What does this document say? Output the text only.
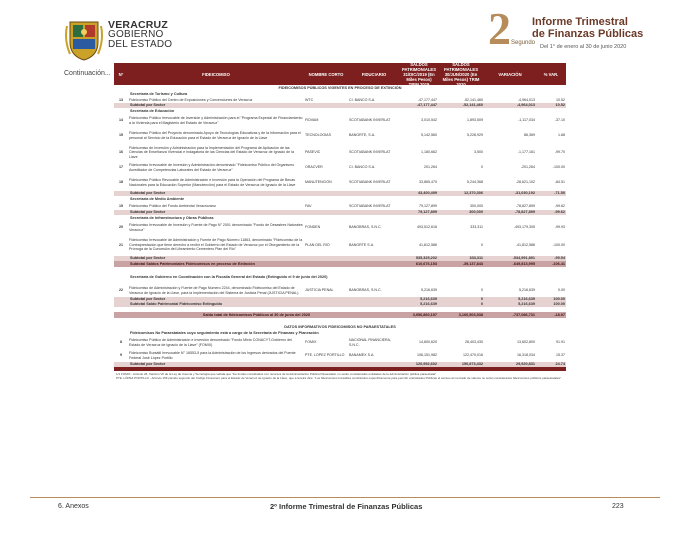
VERACRUZ
GOBIERNO
DEL ESTADO	2 Segundo
Informe Trimestral
de Finanzas Públicas
Del 1° de enero al 30 de junio 2020
Continuación...	N°	FIDEICOMISO	NOMBRE CORTO	FIDUCIARIO
SALDOS PATRIMONIALES 31/DIC/2019 (En Miles Pesos) TRIM 2019
SALDOS PATRIMONIALES 30/JUN/2020 (En Miles Pesos) TRIM 2020
VARIACIÓN	% VAR.
FIDEICOMISOS PÚBLICOS VIGENTES EN PROCESO DE EXTINCIÓN
Secretaría de Turismo y Cultura
13	Fideicomiso Público del Centro de Exposiciones y Convenciones de Veracruz	WTC	CI. BANCO S.A.	-47,177,447	-52,141,460	-4,964,013	10.52
Subtotal por Sector	-47,177,447	-52,141,460	-4,964,013	10.52
Secretaría de Educación
14
Fideicomiso Público Irrevocable de Inversión y Administración para el "Programa Especial de Financiamiento a la Vivienda para el Magisterio del Estado de Veracruz"
FIDVAM	SCOTIABANK INVERLAT	3,010,542	1,893,509	-1,117,034	-37.10
15
Fideicomiso Público del Proyecto denominado Apoyo de Tecnologías Educativas y de la Información para el personal al Servicio de la Educación para el Estado de Veracruz de Ignacio de la Llave
TECNOLOGÍAS	BANORTE, S.A.	5,142,560	5,228,929	86,369	1.68
16
Fideicomiso de Inversión y Administración para la Implementación del Programa de Aplicación de las Ciencias de Enseñanza Vivencial e Indagatoria de las Ciencias del Estado de Veracruz de Ignacio de la Llave
PASEVIC	SCOTIABANK INVERLAT	1,180,662	3,500	-1,177,161	-99.70
17
Fideicomiso Irrevocable de Inversión y Administración denominado "Fideicomiso Público del Organismo Acreditador de Competencias Laborales del Estado de Veracruz"
ORACVER	CI. BANCO S.A.	201,264	0	-201,264	-100.00
18
Fideicomiso Público Revocable de Administración e Inversión para la Operación del Programa de Becas Nacionales para la Educación Superior (Manutención) para el Estado de Veracruz de Ignacio de la Llave
MANUTENCIÓN	SCOTIABANK INVERLAT	33,865,470	5,244,368	-28,621,102	-84.51
Subtotal por Sector	43,400,499	12,370,306	-31,030,192	-71.50
Secretaría de Medio Ambiente
19	Fideicomiso Público del Fondo Ambiental Veracruzano	FAV	SCOTIABANK INVERLAT	79,127,899	300,000	-78,827,899	-99.62
Subtotal por Sector	79,127,899	300,000	-78,827,899	-99.62
Secretaría de Infraestructura y Obras Públicas
20
Fideicomiso Irrevocable de Inversión y Fuente de Pago N° 2001 denominado "Fondo de Desastres Naturales Veracruz"
FONDEN	BANOBRAS, S.N.C.	493,512,616	333,311	-493,179,305	-99.93
21
Fideicomiso Irrevocable de Administración y Fuente de Pago Número 11863, denominado "Fideicomiso de la Contraprestación que tiene derecho a recibir el Gobierno del Estado de Veracruz por el Otorgamiento de la Prórroga de la Concesión del Libramiento Cementero Plan del Río"
PLAN DEL RÍO	BANORTE S.A.	41,812,586	0	-41,812,586	-100.00
Subtotal por Sector	535,325,202	333,311	-534,991,891	-99.94
Subtotal Saldos Patrimoniales Fideicomisos en proceso de Extinción	610,676,153	-39,137,843	-649,813,995	-106.41
Secretaría de Gobierno en Coordinación con la Fiscalía General del Estado (Extinguido el 9 de junio del 2020)
22
Fideicomiso de Administración y Fuente de Pago Número 2244, denominado Fideicomiso del Estado de Veracruz de Ignacio de la Llave, para la Implementación del Sistema de Justicia Penal (JUSTICIA PENAL)
JUSTICIA PENAL	BANOBRAS, S.N.C.	5,216,639	0	5,216,639	0.00
Subtotal por Sector	5,216,639	0	5,216,639	100.00
Subtotal Saldo Patrimonial Fideicomiso Extinguido	5,216,639	0	5,216,639	100.00
Saldo total de fideicomisos Públicos al 30 de junio del 2020	3,956,860,157	3,160,503,538	-737,086,731	-18.97
DATOS INFORMATIVOS FIDEICOMISOS NO PARAESTATALES
Fideicomisos No Paraestatales cuyo seguimiento está a cargo de la Secretaría de Finanzas y Planeación
8
Fideicomiso Público de Administración e Inversión denominado "Fondo Mixto CONACYT-Gobierno del Estado de Veracruz de Ignacio de la Llave" (FOMIX)
FOMIX
NACIONAL FINANCIERA, S.N.C.
14,800,620	28,403,430	13,602,800	91.91
9
Fideicomiso Bursátil Irrevocable N° 16553-5 para la Administración de los Ingresos derivados del Puente Federal José López Portillo
PTE. LÓPEZ PORTILLO	BANAMEX S.A.	106,151,982	122,470,016	16,318,034	15.37
Subtotal por Sector	120,952,602	150,873,432	29,920,831	24.74
1/1 FOMIX - Artículo 26, fracción VII de la Ley de Ciencia y Tecnología que señala que "los fondos constituidos con recursos de la Administración Pública Paraestatal, no serán considerados entidades de la administración pública paraestatal".
PTE. LÓPEZ PORTILLO - Artículo 159 párrafo segundo del Código Financiero para el Estado de Veracruz de Ignacio de la Llave, que a la letra dice: "Los fideicomisos bursátiles constituidos específicamente para permitir a Entidades Públicas el acceso al mercado de valores no serán considerados fideicomisos públicos paraestatales".
6. Anexos	2º Informe Trimestral de Finanzas Públicas	223
